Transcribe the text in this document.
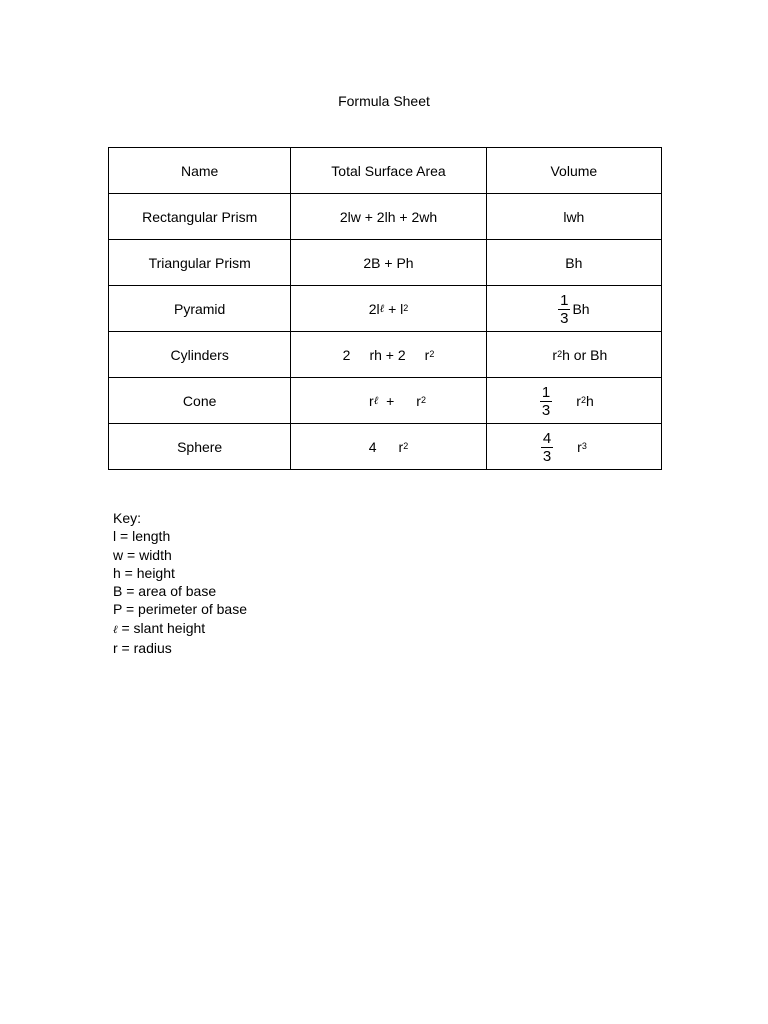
Formula Sheet
Name	Total Surface Area	Volume
Rectangular Prism	2lw + 2lh + 2wh	lwh
Triangular Prism	2B + Ph	Bh
Pyramid	2l ℓ + $l^2$	$\frac{1}{3}$ Bh

Cylinders	2 rh + 2 $r^2$	$r^2$ h or Bh

Cone	r ℓ + $r^2$	$\frac{1}{3} r^2$ h

Sphere	4 $r^2$	$\frac{4}{3} r^3$
Key:
l = length
w = width
h = height
B = area of base
P = perimeter of base
ℓ = slant height
r = radius
